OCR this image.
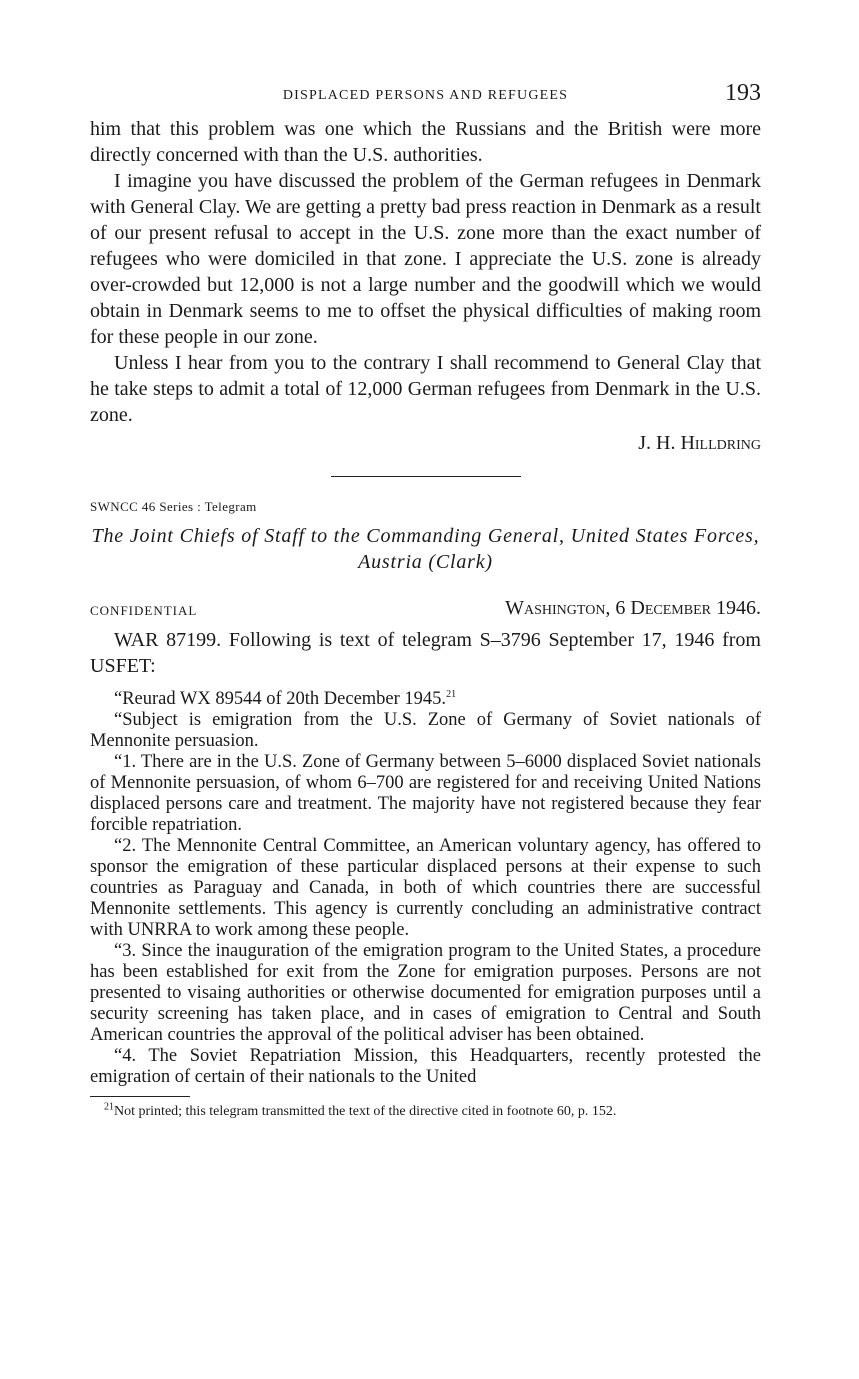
DISPLACED PERSONS AND REFUGEES	193

him that this problem was one which the Russians and the British were more directly concerned with than the U.S. authorities.

I imagine you have discussed the problem of the German refugees in Denmark with General Clay. We are getting a pretty bad press reaction in Denmark as a result of our present refusal to accept in the U.S. zone more than the exact number of refugees who were domiciled in that zone. I appreciate the U.S. zone is already over-crowded but 12,000 is not a large number and the goodwill which we would obtain in Denmark seems to me to offset the physical difficulties of making room for these people in our zone.

Unless I hear from you to the contrary I shall recommend to General Clay that he take steps to admit a total of 12,000 German refugees from Denmark in the U.S. zone.

J. H. Hilldring
SWNCC 46 Series : Telegram
The Joint Chiefs of Staff to the Commanding General, United States Forces, Austria (Clark)
CONFIDENTIAL	Washington, 6 December 1946.

WAR 87199. Following is text of telegram S–3796 September 17, 1946 from USFET:

“Reurad WX 89544 of 20th December 1945.21

“Subject is emigration from the U.S. Zone of Germany of Soviet nationals of Mennonite persuasion.

“1. There are in the U.S. Zone of Germany between 5–6000 displaced Soviet nationals of Mennonite persuasion, of whom 6–700 are registered for and receiving United Nations displaced persons care and treatment. The majority have not registered because they fear forcible repatriation.

“2. The Mennonite Central Committee, an American voluntary agency, has offered to sponsor the emigration of these particular displaced persons at their expense to such countries as Paraguay and Canada, in both of which countries there are successful Mennonite settlements. This agency is currently concluding an administrative contract with UNRRA to work among these people.

“3. Since the inauguration of the emigration program to the United States, a procedure has been established for exit from the Zone for emigration purposes. Persons are not presented to visaing authorities or otherwise documented for emigration purposes until a security screening has taken place, and in cases of emigration to Central and South American countries the approval of the political adviser has been obtained.

“4. The Soviet Repatriation Mission, this Headquarters, recently protested the emigration of certain of their nationals to the United

$^{21}$Not printed; this telegram transmitted the text of the directive cited in footnote 60, p. 152.
